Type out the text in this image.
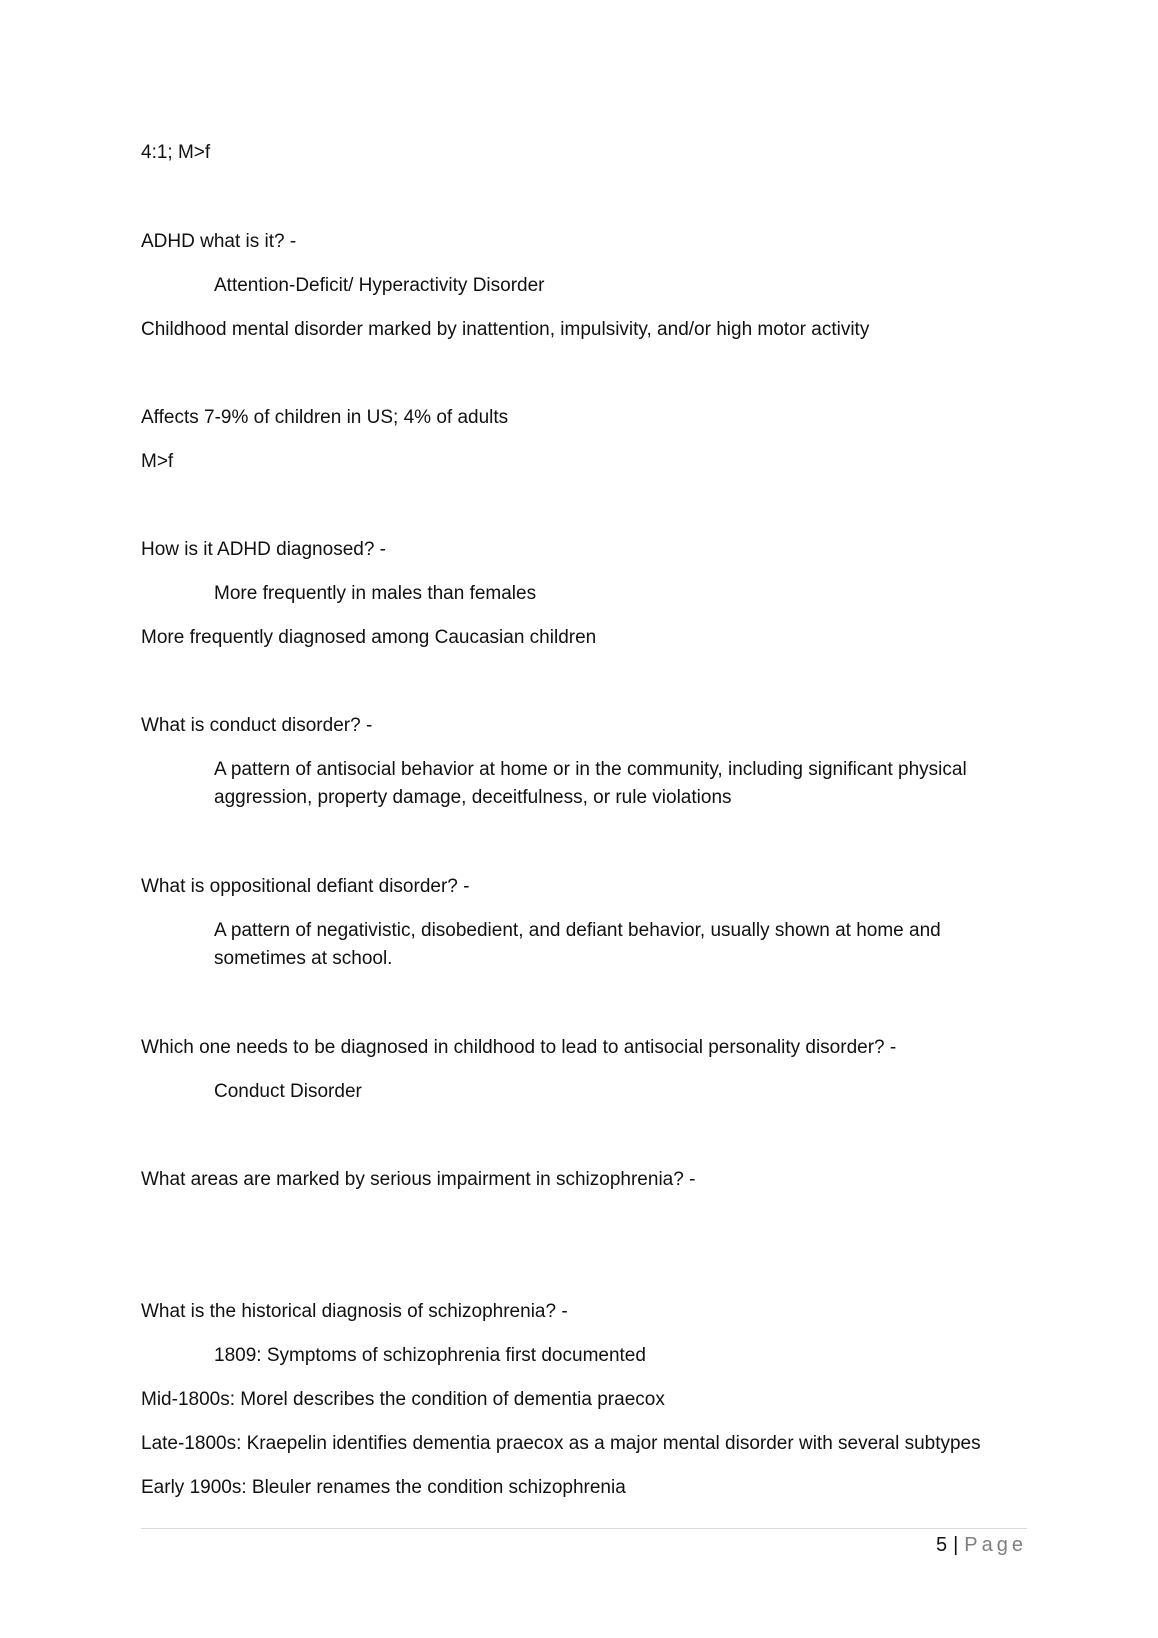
4:1; M>f
ADHD what is it? -
Attention-Deficit/ Hyperactivity Disorder
Childhood mental disorder marked by inattention, impulsivity, and/or high motor activity
Affects 7-9% of children in US; 4% of adults
M>f
How is it ADHD diagnosed? -
More frequently in males than females
More frequently diagnosed among Caucasian children
What is conduct disorder? -
A pattern of antisocial behavior at home or in the community, including significant physical aggression, property damage, deceitfulness, or rule violations
What is oppositional defiant disorder? -
A pattern of negativistic, disobedient, and defiant behavior, usually shown at home and sometimes at school.
Which one needs to be diagnosed in childhood to lead to antisocial personality disorder? -
Conduct Disorder
What areas are marked by serious impairment in schizophrenia? -
What is the historical diagnosis of schizophrenia? -
1809: Symptoms of schizophrenia first documented
Mid-1800s: Morel describes the condition of dementia praecox
Late-1800s: Kraepelin identifies dementia praecox as a major mental disorder with several subtypes
Early 1900s: Bleuler renames the condition schizophrenia
5 | Page
